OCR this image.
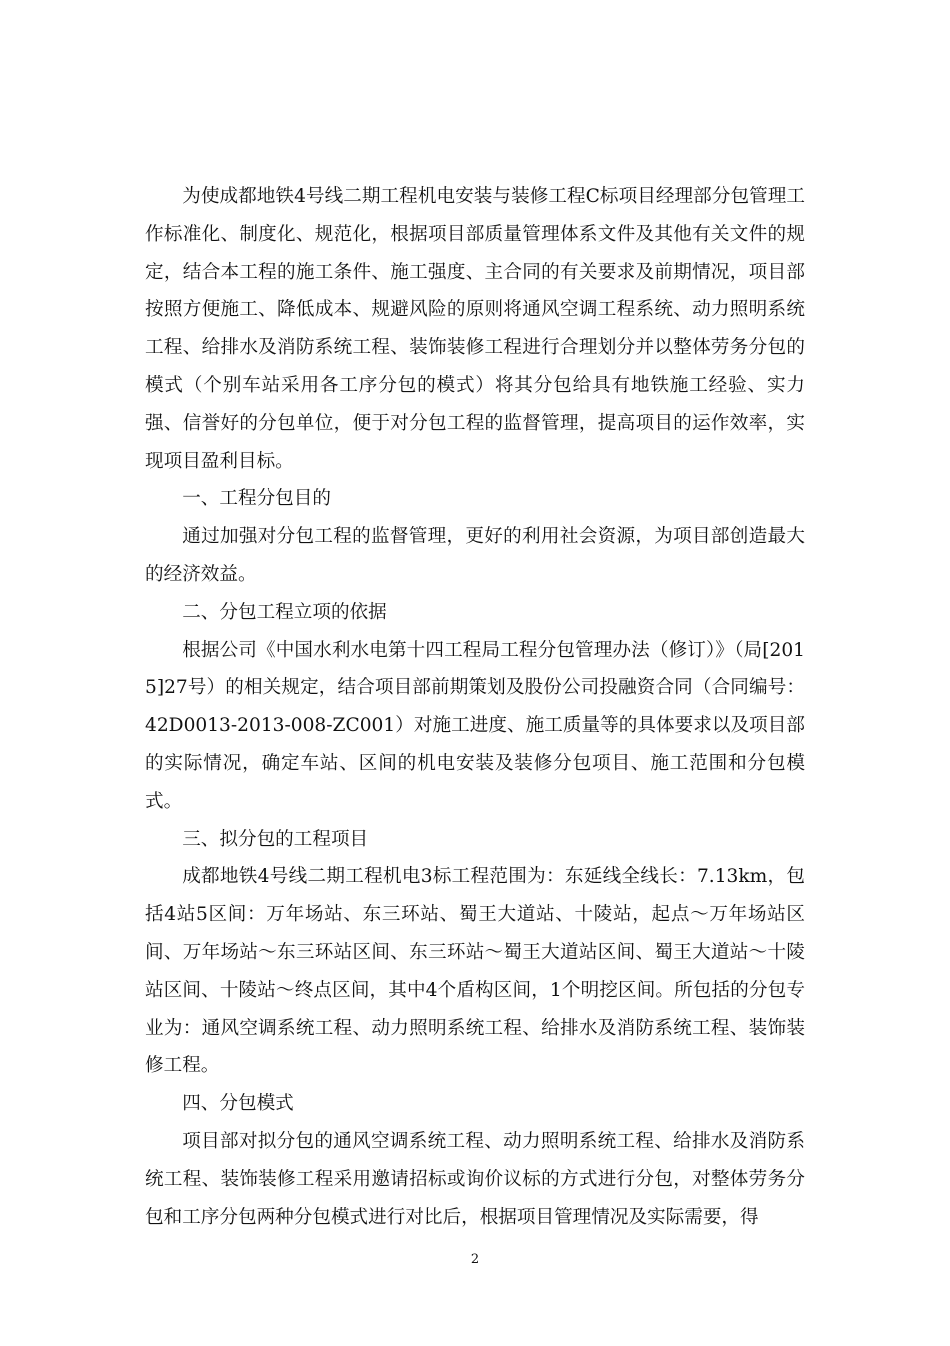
为使成都地铁4号线二期工程机电安装与装修工程C标项目经理部分包管理工作标准化、制度化、规范化，根据项目部质量管理体系文件及其他有关文件的规定，结合本工程的施工条件、施工强度、主合同的有关要求及前期情况，项目部按照方便施工、降低成本、规避风险的原则将通风空调工程系统、动力照明系统工程、给排水及消防系统工程、装饰装修工程进行合理划分并以整体劳务分包的模式（个别车站采用各工序分包的模式）将其分包给具有地铁施工经验、实力强、信誉好的分包单位，便于对分包工程的监督管理，提高项目的运作效率，实现项目盈利目标。

一、工程分包目的

通过加强对分包工程的监督管理，更好的利用社会资源，为项目部创造最大的经济效益。

二、分包工程立项的依据

根据公司《中国水利水电第十四工程局工程分包管理办法（修订）》（局[2015]27号）的相关规定，结合项目部前期策划及股份公司投融资合同（合同编号：42D0013-2013-008-ZC001）对施工进度、施工质量等的具体要求以及项目部的实际情况，确定车站、区间的机电安装及装修分包项目、施工范围和分包模式。

三、拟分包的工程项目

成都地铁4号线二期工程机电3标工程范围为：东延线全线长：7.13km，包括4站5区间：万年场站、东三环站、蜀王大道站、十陵站，起点～万年场站区间、万年场站～东三环站区间、东三环站～蜀王大道站区间、蜀王大道站～十陵站区间、十陵站～终点区间，其中4个盾构区间，1个明挖区间。所包括的分包专业为：通风空调系统工程、动力照明系统工程、给排水及消防系统工程、装饰装修工程。

四、分包模式

项目部对拟分包的通风空调系统工程、动力照明系统工程、给排水及消防系统工程、装饰装修工程采用邀请招标或询价议标的方式进行分包，对整体劳务分包和工序分包两种分包模式进行对比后，根据项目管理情况及实际需要，得

2
